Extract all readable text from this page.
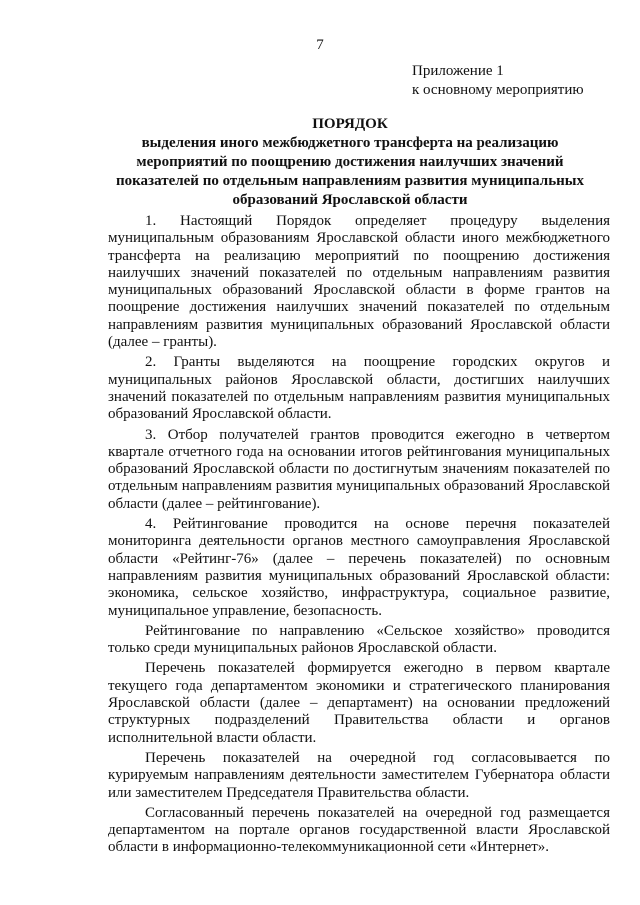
7
Приложение 1
к основному мероприятию
ПОРЯДОК
выделения иного межбюджетного трансферта на реализацию
мероприятий по поощрению достижения наилучших значений
показателей по отдельным направлениям развития муниципальных
образований Ярославской области

1. Настоящий Порядок определяет процедуру выделения муниципальным образованиям Ярославской области иного межбюджетного трансферта на реализацию мероприятий по поощрению достижения наилучших значений показателей по отдельным направлениям развития муниципальных образований Ярославской области в форме грантов на поощрение достижения наилучших значений показателей по отдельным направлениям развития муниципальных образований Ярославской области (далее – гранты).

2. Гранты выделяются на поощрение городских округов и муниципальных районов Ярославской области, достигших наилучших значений показателей по отдельным направлениям развития муниципальных образований Ярославской области.

3. Отбор получателей грантов проводится ежегодно в четвертом квартале отчетного года на основании итогов рейтингования муниципальных образований Ярославской области по достигнутым значениям показателей по отдельным направлениям развития муниципальных образований Ярославской области (далее – рейтингование).

4. Рейтингование проводится на основе перечня показателей мониторинга деятельности органов местного самоуправления Ярославской области «Рейтинг-76» (далее – перечень показателей) по основным направлениям развития муниципальных образований Ярославской области: экономика, сельское хозяйство, инфраструктура, социальное развитие, муниципальное управление, безопасность.

Рейтингование по направлению «Сельское хозяйство» проводится только среди муниципальных районов Ярославской области.

Перечень показателей формируется ежегодно в первом квартале текущего года департаментом экономики и стратегического планирования Ярославской области (далее – департамент) на основании предложений структурных подразделений Правительства области и органов исполнительной власти области.

Перечень показателей на очередной год согласовывается по курируемым направлениям деятельности заместителем Губернатора области или заместителем Председателя Правительства области.

Согласованный перечень показателей на очередной год размещается департаментом на портале органов государственной власти Ярославской области в информационно-телекоммуникационной сети «Интернет».
